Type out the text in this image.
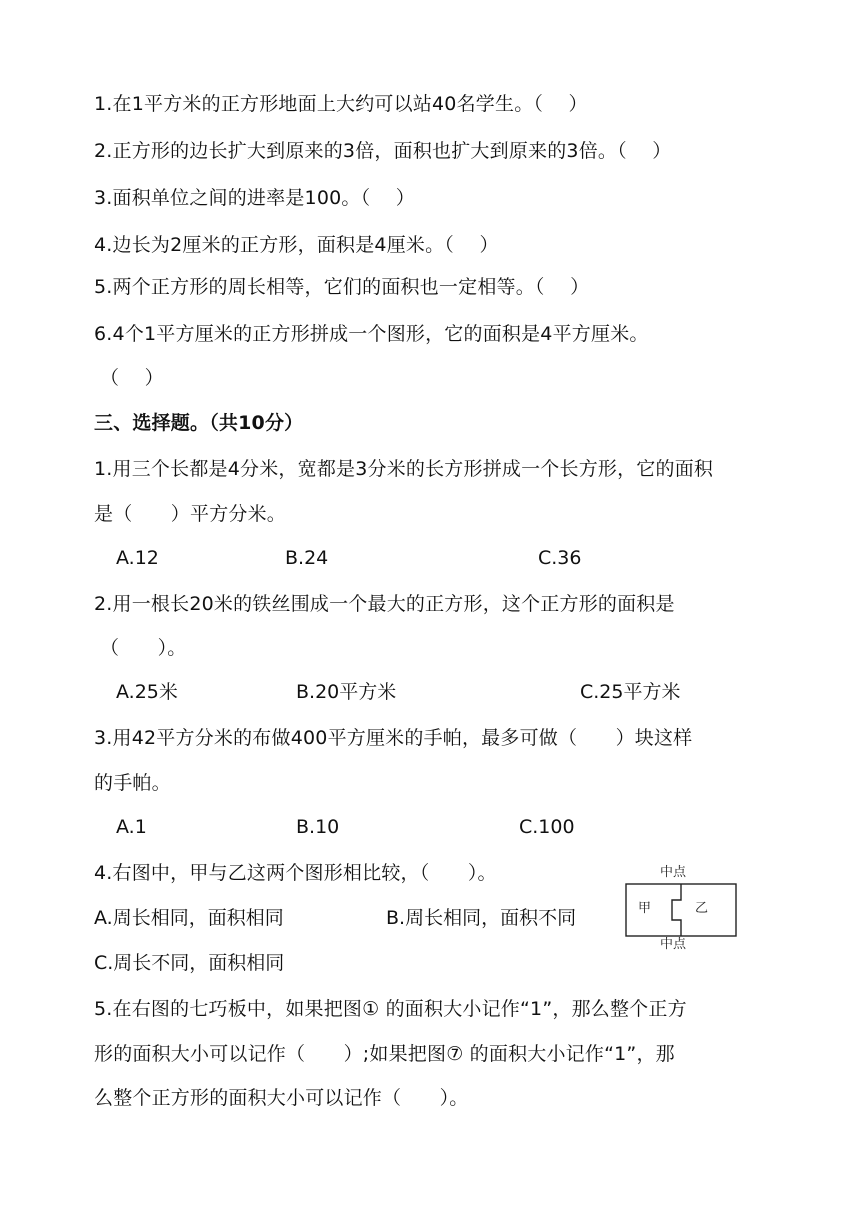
1.在1平方米的正方形地面上大约可以站40名学生。（　 ）
2.正方形的边长扩大到原来的3倍，面积也扩大到原来的3倍。（　 ）
3.面积单位之间的进率是100。（　 ）
4.边长为2厘米的正方形，面积是4厘米。（　 ）
5.两个正方形的周长相等，它们的面积也一定相等。（　 ）
6.4个1平方厘米的正方形拼成一个图形，它的面积是4平方厘米。
（　 ）
三、选择题。（共10分）
1.用三个长都是4分米，宽都是3分米的长方形拼成一个长方形，它的面积
是（　　）平方分米。
A.12	B.24	C.36
2.用一根长20米的铁丝围成一个最大的正方形，这个正方形的面积是
（　　）。
A.25米	B.20平方米	C.25平方米
3.用42平方分米的布做400平方厘米的手帕，最多可做（　　）块这样
的手帕。
A.1	B.10	C.100
4.右图中，甲与乙这两个图形相比较，（　　）。
A.周长相同，面积相同	B.周长相同，面积不同
C.周长不同，面积相同
中点
甲	乙
中点
5.在右图的七巧板中，如果把图① 的面积大小记作“1”，那么整个正方
形的面积大小可以记作（　　）;如果把图⑦ 的面积大小记作“1”，那
么整个正方形的面积大小可以记作（　　）。
